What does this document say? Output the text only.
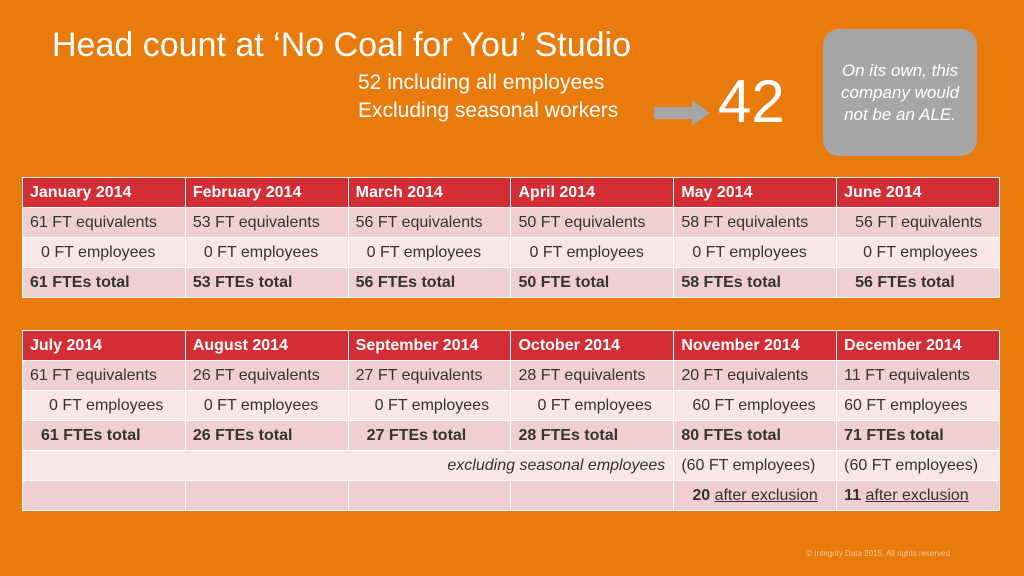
Head count at ‘No Coal for You’ Studio
52 including all employees
Excluding seasonal workers 42	On its own, this company would not be an ALE.
January 2014	February 2014	March 2014	April 2014	May 2014	June 2014
61 FT equivalents	53 FT equivalents	56 FT equivalents	50 FT equivalents	58 FT equivalents	56 FT equivalents
0 FT employees	0 FT employees	0 FT employees	0 FT employees	0 FT employees	0 FT employees
61 FTEs total	53 FTEs total	56 FTEs total	50 FTE total	58 FTEs total	56 FTEs total
July 2014	August 2014	September 2014	October 2014	November 2014	December 2014
61 FT equivalents	26 FT equivalents	27 FT equivalents	28 FT equivalents	20 FT equivalents	11 FT equivalents
0 FT employees	0 FT employees	0 FT employees	0 FT employees	60 FT employees	60 FT employees
61 FTEs total	26 FTEs total	27 FTEs total	28 FTEs total	80 FTEs total	71 FTEs total
excluding seasonal employees				(60 FT employees)	(60 FT employees)
				20 after exclusion	11 after exclusion
© Integrity Data 2015. All rights reserved
